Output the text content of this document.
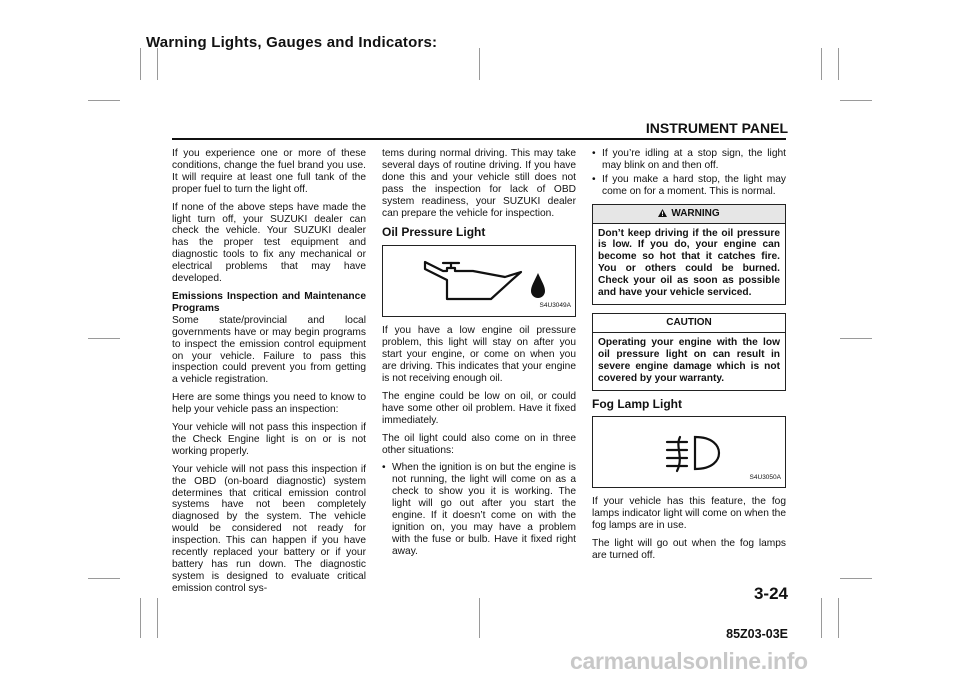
Warning Lights, Gauges and Indicators:
INSTRUMENT PANEL

If you experience one or more of these conditions, change the fuel brand you use. It will require at least one full tank of the proper fuel to turn the light off.

If none of the above steps have made the light turn off, your SUZUKI dealer can check the vehicle. Your SUZUKI dealer has the proper test equipment and diagnostic tools to fix any mechanical or electrical problems that may have developed.

Emissions Inspection and Maintenance Programs

Some state/provincial and local governments have or may begin programs to inspect the emission control equipment on your vehicle. Failure to pass this inspection could prevent you from getting a vehicle registration.

Here are some things you need to know to help your vehicle pass an inspection:

Your vehicle will not pass this inspection if the Check Engine light is on or is not working properly.

Your vehicle will not pass this inspection if the OBD (on-board diagnostic) system determines that critical emission control systems have not been completely diagnosed by the system. The vehicle would be considered not ready for inspection. This can happen if you have recently replaced your battery or if your battery has run down. The diagnostic system is designed to evaluate critical emission control sys-

tems during normal driving. This may take several days of routine driving. If you have done this and your vehicle still does not pass the inspection for lack of OBD system readiness, your SUZUKI dealer can prepare the vehicle for inspection.

Oil Pressure Light
S4U3049A

If you have a low engine oil pressure problem, this light will stay on after you start your engine, or come on when you are driving. This indicates that your engine is not receiving enough oil.

The engine could be low on oil, or could have some other oil problem. Have it fixed immediately.

The oil light could also come on in three other situations:

• When the ignition is on but the engine is not running, the light will come on as a check to show you it is working. The light will go out after you start the engine. If it doesn’t come on with the ignition on, you may have a problem with the fuse or bulb. Have it fixed right away.
• If you’re idling at a stop sign, the light may blink on and then off.
• If you make a hard stop, the light may come on for a moment. This is normal.
WARNING
Don’t keep driving if the oil pressure is low. If you do, your engine can become so hot that it catches fire. You or others could be burned. Check your oil as soon as possible and have your vehicle serviced.
CAUTION
Operating your engine with the low oil pressure light on can result in severe engine damage which is not covered by your warranty.
Fog Lamp Light
S4U3050A

If your vehicle has this feature, the fog lamps indicator light will come on when the fog lamps are in use.

The light will go out when the fog lamps are turned off.

3-24
85Z03-03E
carmanualsonline.info
